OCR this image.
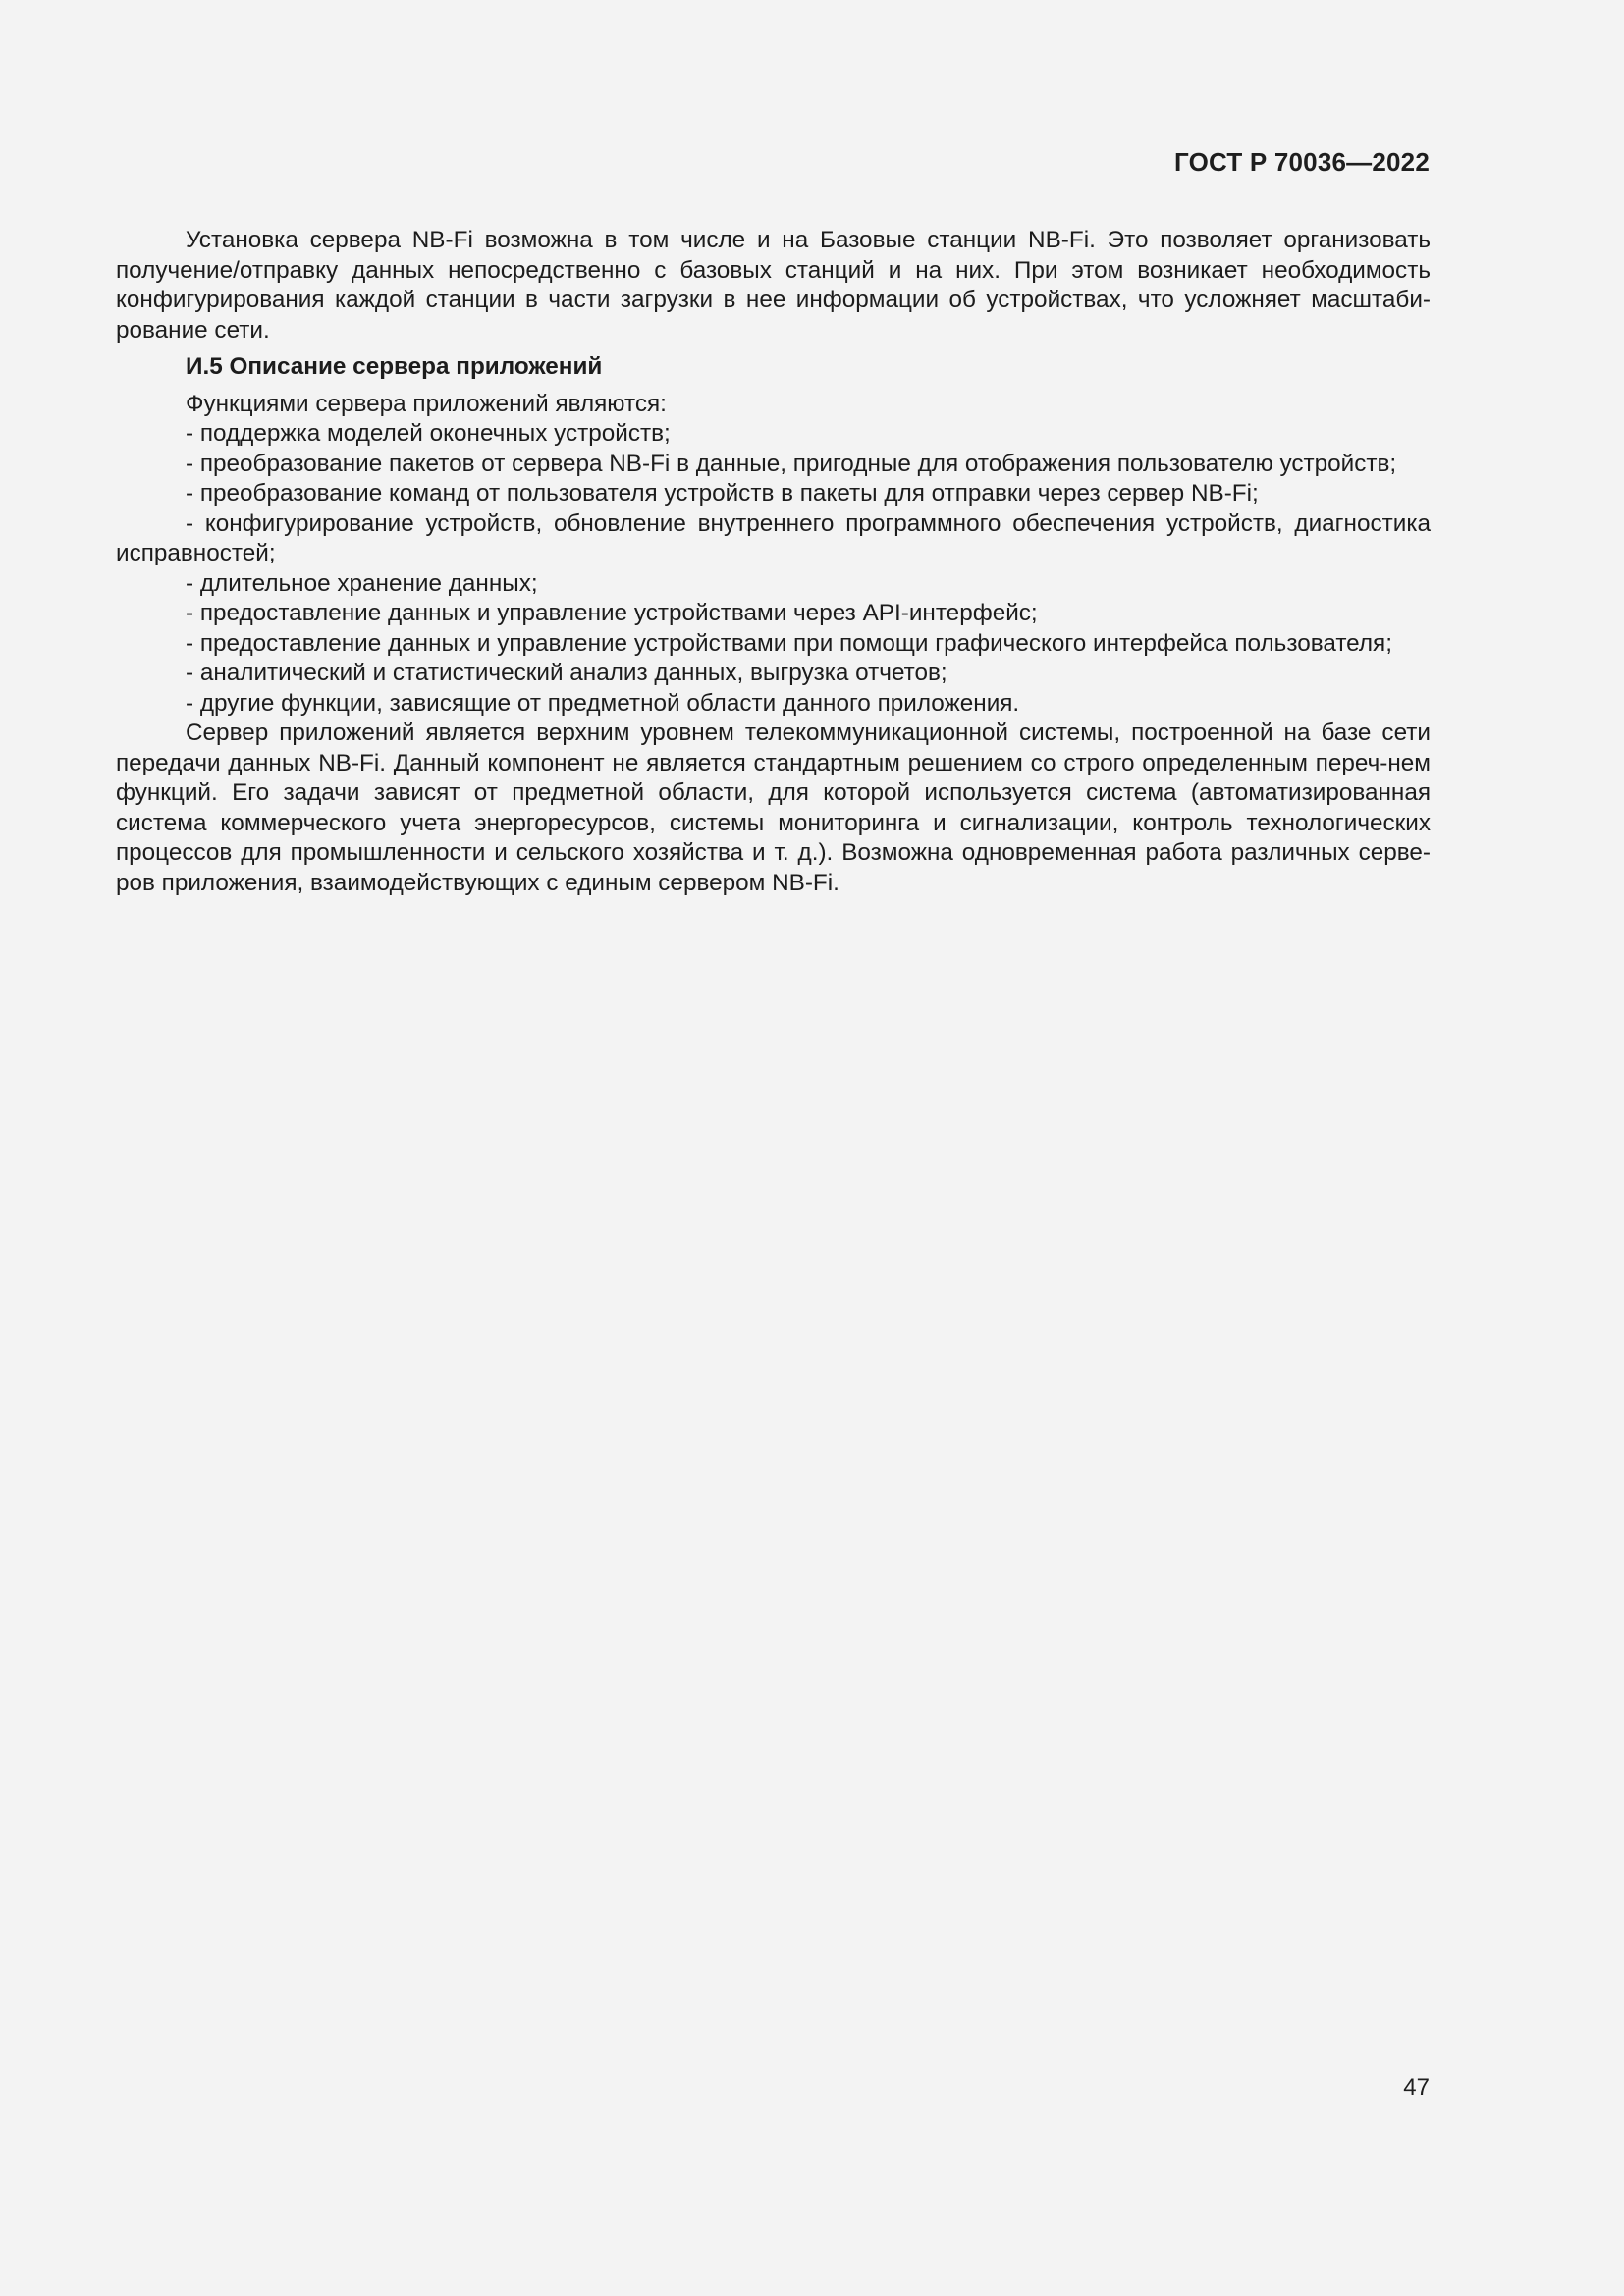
ГОСТ Р 70036—2022

Установка сервера NB-Fi возможна в том числе и на Базовые станции NB-Fi. Это позволяет организовать получение/отправку данных непосредственно с базовых станций и на них. При этом возникает необходимость конфигурирования каждой станции в части загрузки в нее информации об устройствах, что усложняет масштаби-рование сети.

И.5 Описание сервера приложений

Функциями сервера приложений являются:

- поддержка моделей оконечных устройств;

- преобразование пакетов от сервера NB-Fi в данные, пригодные для отображения пользователю устройств;

- преобразование команд от пользователя устройств в пакеты для отправки через сервер NB-Fi;

- конфигурирование устройств, обновление внутреннего программного обеспечения устройств, диагностика исправностей;

- длительное хранение данных;

- предоставление данных и управление устройствами через API-интерфейс;

- предоставление данных и управление устройствами при помощи графического интерфейса пользователя;

- аналитический и статистический анализ данных, выгрузка отчетов;

- другие функции, зависящие от предметной области данного приложения.

Сервер приложений является верхним уровнем телекоммуникационной системы, построенной на базе сети передачи данных NB-Fi. Данный компонент не является стандартным решением со строго определенным переч-нем функций. Его задачи зависят от предметной области, для которой используется система (автоматизированная система коммерческого учета энергоресурсов, системы мониторинга и сигнализации, контроль технологических процессов для промышленности и сельского хозяйства и т. д.). Возможна одновременная работа различных серве-ров приложения, взаимодействующих с единым сервером NB-Fi.

47
